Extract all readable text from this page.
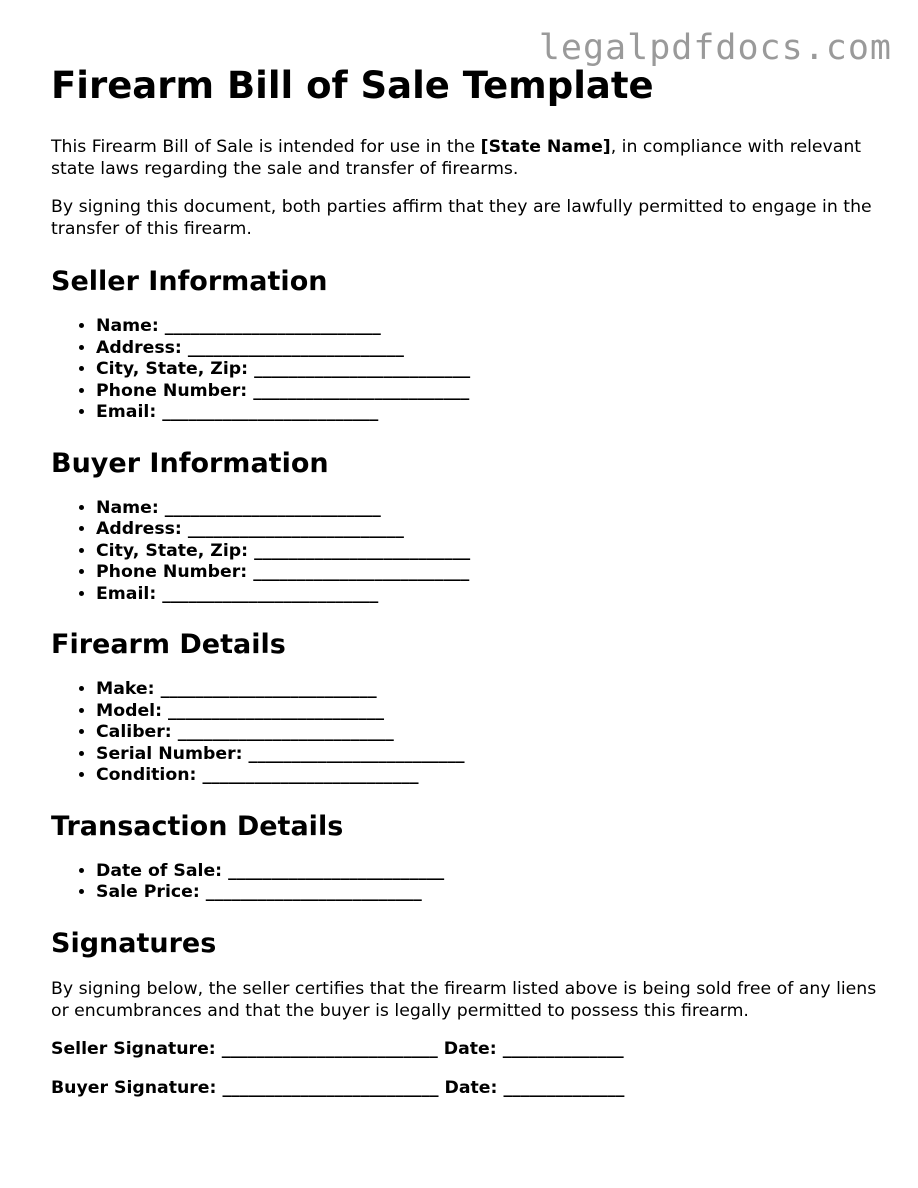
legalpdfdocs.com
Firearm Bill of Sale Template

This Firearm Bill of Sale is intended for use in the [State Name], in compliance with relevant state laws regarding the sale and transfer of firearms.

By signing this document, both parties affirm that they are lawfully permitted to engage in the transfer of this firearm.

Seller Information
• Name: _________________________
• Address: _________________________
• City, State, Zip: _________________________
• Phone Number: _________________________
• Email: _________________________
Buyer Information
• Name: _________________________
• Address: _________________________
• City, State, Zip: _________________________
• Phone Number: _________________________
• Email: _________________________
Firearm Details
• Make: _________________________
• Model: _________________________
• Caliber: _________________________
• Serial Number: _________________________
• Condition: _________________________
Transaction Details
• Date of Sale: _________________________
• Sale Price: _________________________
Signatures

By signing below, the seller certifies that the firearm listed above is being sold free of any liens or encumbrances and that the buyer is legally permitted to possess this firearm.

Seller Signature: _________________________ Date: ______________
Buyer Signature: _________________________ Date: ______________
